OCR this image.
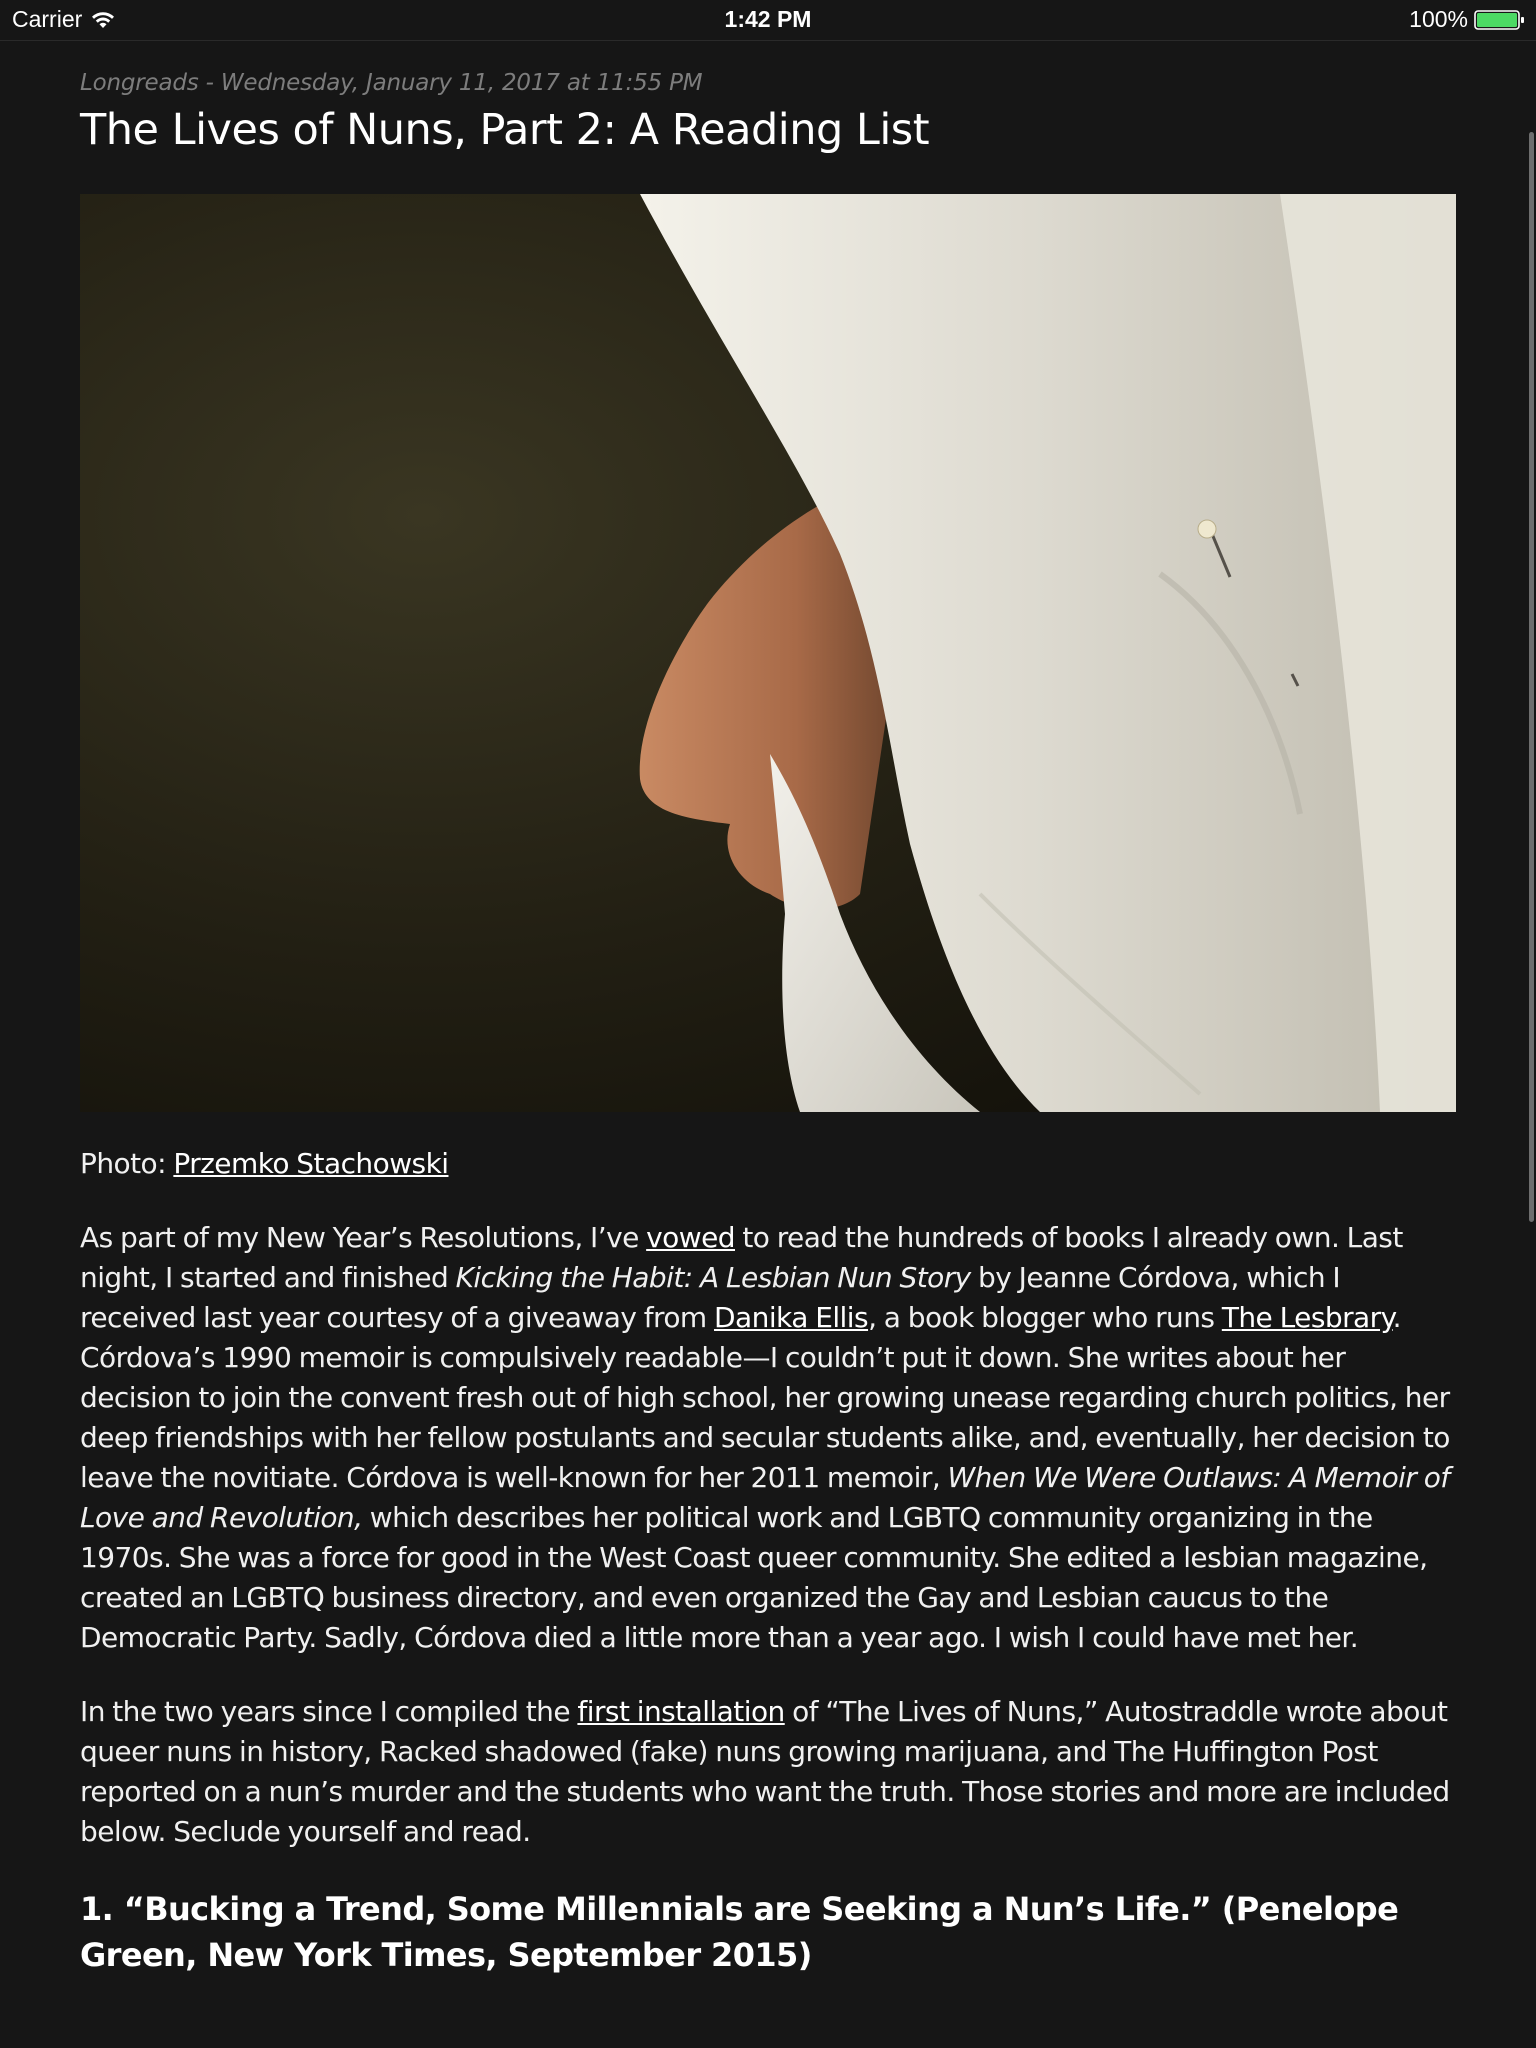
Carrier	1:42 PM	100%
Longreads - Wednesday, January 11, 2017 at 11:55 PM
The Lives of Nuns, Part 2: A Reading List

Photo: Przemko Stachowski

As part of my New Year’s Resolutions, I’ve vowed to read the hundreds of books I already own. Last night, I started and finished Kicking the Habit: A Lesbian Nun Story by Jeanne Córdova, which I received last year courtesy of a giveaway from Danika Ellis, a book blogger who runs The Lesbrary. Córdova’s 1990 memoir is compulsively readable—I couldn’t put it down. She writes about her decision to join the convent fresh out of high school, her growing unease regarding church politics, her deep friendships with her fellow postulants and secular students alike, and, eventually, her decision to leave the novitiate. Córdova is well-known for her 2011 memoir, When We Were Outlaws: A Memoir of Love and Revolution, which describes her political work and LGBTQ community organizing in the 1970s. She was a force for good in the West Coast queer community. She edited a lesbian magazine, created an LGBTQ business directory, and even organized the Gay and Lesbian caucus to the Democratic Party. Sadly, Córdova died a little more than a year ago. I wish I could have met her.

In the two years since I compiled the first installation of “The Lives of Nuns,” Autostraddle wrote about queer nuns in history, Racked shadowed (fake) nuns growing marijuana, and The Huffington Post reported on a nun’s murder and the students who want the truth. Those stories and more are included below. Seclude yourself and read.

1. “Bucking a Trend, Some Millennials are Seeking a Nun’s Life.” (Penelope Green, New York Times, September 2015)
